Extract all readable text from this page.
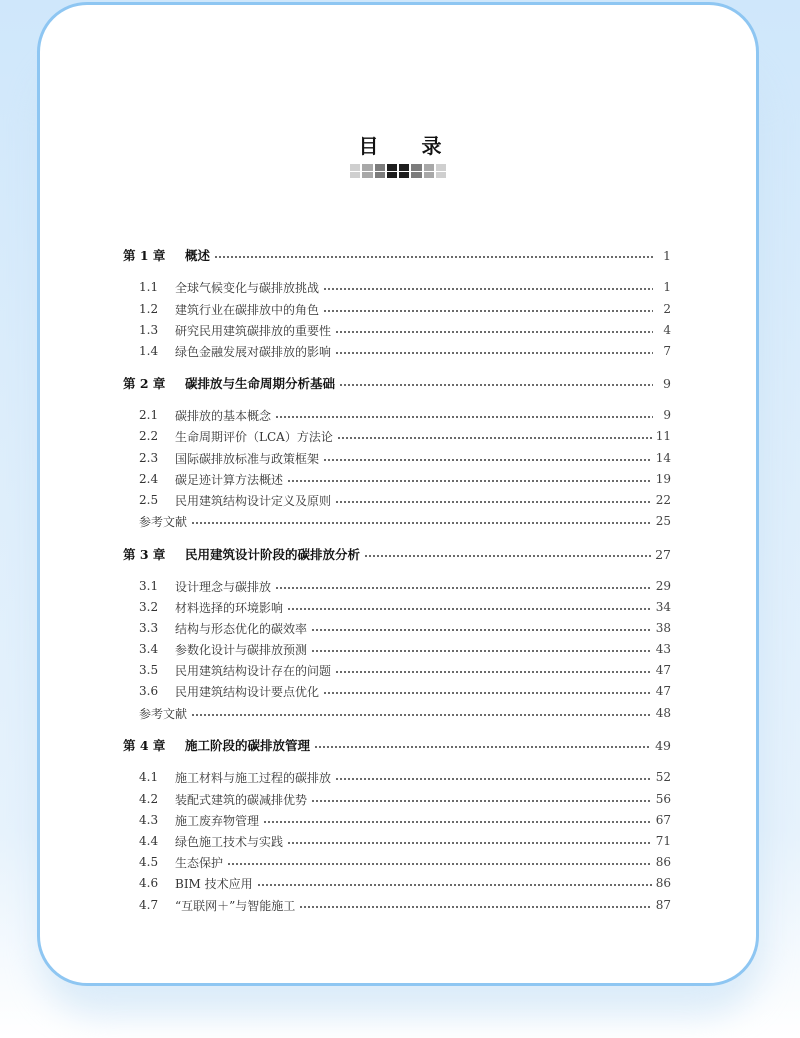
目 录
第 1 章	概述	1
1.1	全球气候变化与碳排放挑战	1
1.2	建筑行业在碳排放中的角色	2
1.3	研究民用建筑碳排放的重要性	4
1.4	绿色金融发展对碳排放的影响	7
第 2 章	碳排放与生命周期分析基础	9
2.1	碳排放的基本概念	9
2.2	生命周期评价（LCA）方法论	11
2.3	国际碳排放标准与政策框架	14
2.4	碳足迹计算方法概述	19
2.5	民用建筑结构设计定义及原则	22
参考文献	25
第 3 章	民用建筑设计阶段的碳排放分析	27
3.1	设计理念与碳排放	29
3.2	材料选择的环境影响	34
3.3	结构与形态优化的碳效率	38
3.4	参数化设计与碳排放预测	43
3.5	民用建筑结构设计存在的问题	47
3.6	民用建筑结构设计要点优化	47
参考文献	48
第 4 章	施工阶段的碳排放管理	49
4.1	施工材料与施工过程的碳排放	52
4.2	装配式建筑的碳减排优势	56
4.3	施工废弃物管理	67
4.4	绿色施工技术与实践	71
4.5	生态保护	86
4.6	BIM 技术应用	86
4.7	“互联网＋”与智能施工	87
